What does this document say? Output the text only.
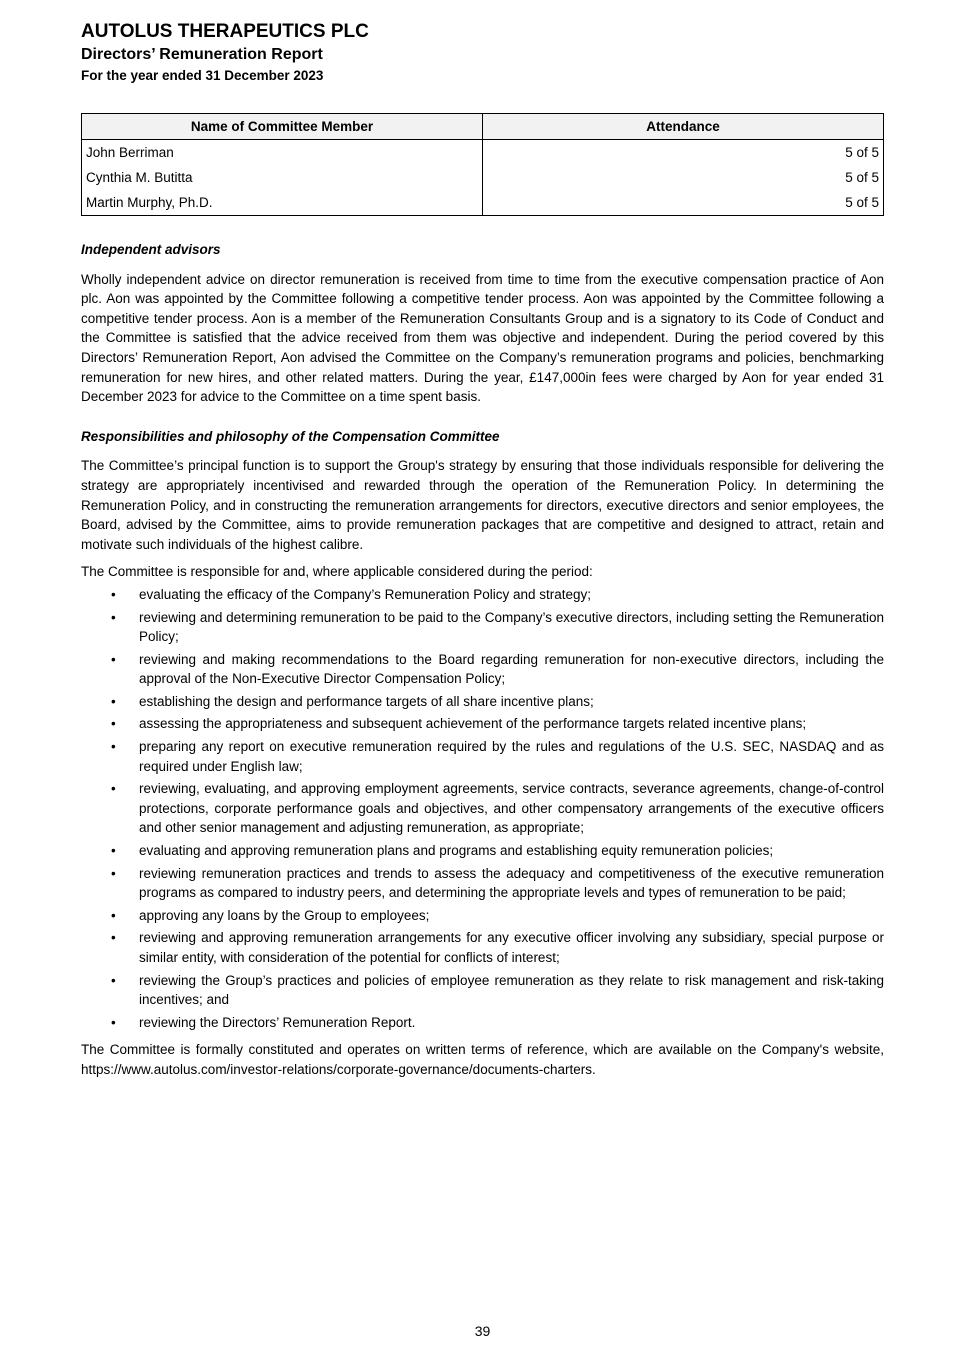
AUTOLUS THERAPEUTICS PLC

Directors’ Remuneration Report

For the year ended 31 December 2023

Name of Committee Member	Attendance
John Berriman	5 of 5
Cynthia M. Butitta	5 of 5
Martin Murphy, Ph.D.	5 of 5

Independent advisors

Wholly independent advice on director remuneration is received from time to time from the executive compensation practice of Aon plc. Aon was appointed by the Committee following a competitive tender process. Aon was appointed by the Committee following a competitive tender process. Aon is a member of the Remuneration Consultants Group and is a signatory to its Code of Conduct and the Committee is satisfied that the advice received from them was objective and independent. During the period covered by this Directors’ Remuneration Report, Aon advised the Committee on the Company’s remuneration programs and policies, benchmarking remuneration for new hires, and other related matters. During the year, £147,000in fees were charged by Aon for year ended 31 December 2023 for advice to the Committee on a time spent basis.

Responsibilities and philosophy of the Compensation Committee

The Committee’s principal function is to support the Group's strategy by ensuring that those individuals responsible for delivering the strategy are appropriately incentivised and rewarded through the operation of the Remuneration Policy. In determining the Remuneration Policy, and in constructing the remuneration arrangements for directors, executive directors and senior employees, the Board, advised by the Committee, aims to provide remuneration packages that are competitive and designed to attract, retain and motivate such individuals of the highest calibre.

The Committee is responsible for and, where applicable considered during the period:

• evaluating the efficacy of the Company’s Remuneration Policy and strategy;
• reviewing and determining remuneration to be paid to the Company’s executive directors, including setting the Remuneration Policy;
• reviewing and making recommendations to the Board regarding remuneration for non-executive directors, including the approval of the Non-Executive Director Compensation Policy;
• establishing the design and performance targets of all share incentive plans;
• assessing the appropriateness and subsequent achievement of the performance targets related incentive plans;
• preparing any report on executive remuneration required by the rules and regulations of the U.S. SEC, NASDAQ and as required under English law;
• reviewing, evaluating, and approving employment agreements, service contracts, severance agreements, change-of-control protections, corporate performance goals and objectives, and other compensatory arrangements of the executive officers and other senior management and adjusting remuneration, as appropriate;
• evaluating and approving remuneration plans and programs and establishing equity remuneration policies;
• reviewing remuneration practices and trends to assess the adequacy and competitiveness of the executive remuneration programs as compared to industry peers, and determining the appropriate levels and types of remuneration to be paid;
• approving any loans by the Group to employees;
• reviewing and approving remuneration arrangements for any executive officer involving any subsidiary, special purpose or similar entity, with consideration of the potential for conflicts of interest;
• reviewing the Group’s practices and policies of employee remuneration as they relate to risk management and risk-taking incentives; and
• reviewing the Directors’ Remuneration Report.

The Committee is formally constituted and operates on written terms of reference, which are available on the Company's website, https://www.autolus.com/investor-relations/corporate-governance/documents-charters.

39
